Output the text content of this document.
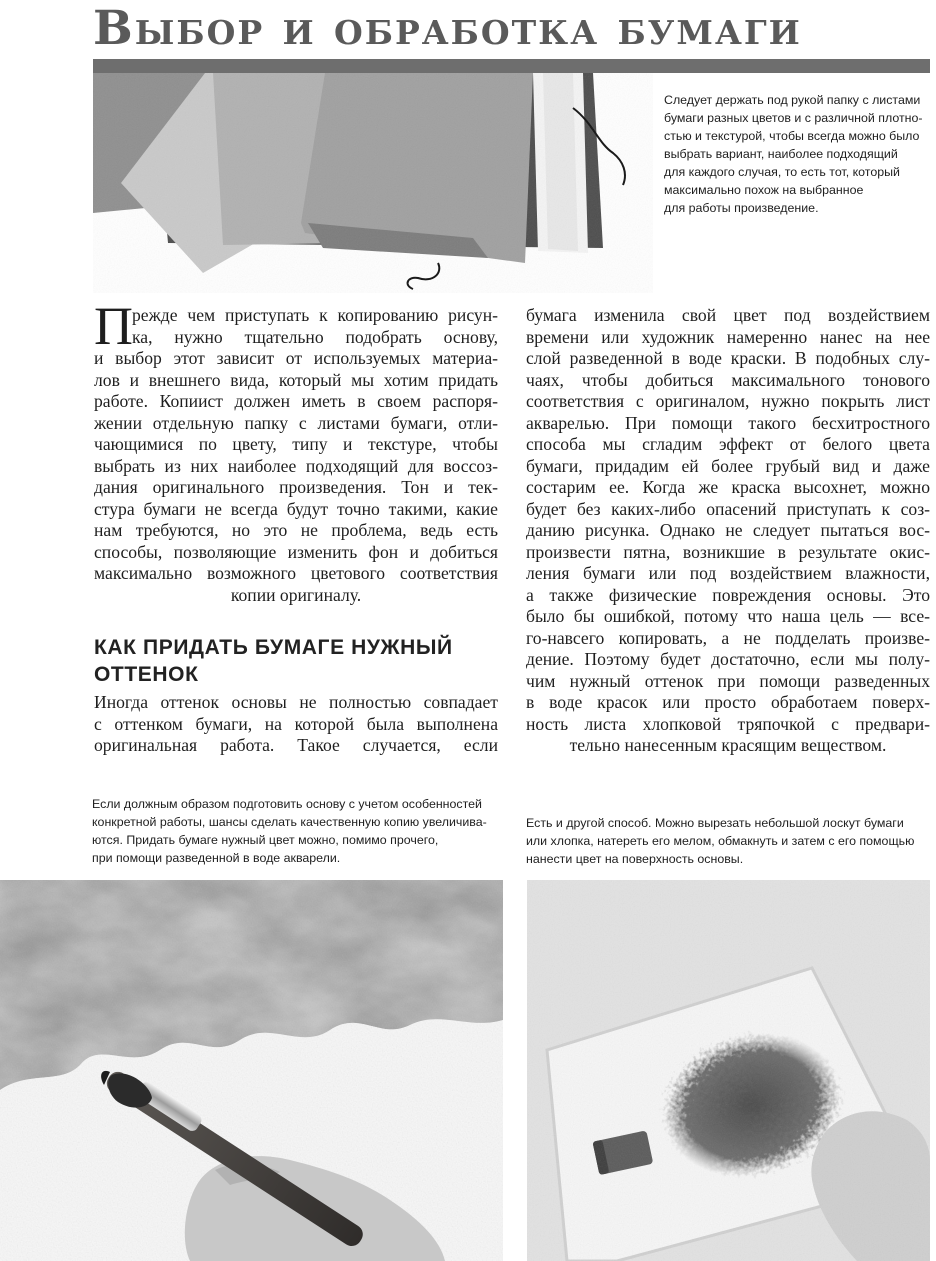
Выбор и обработка бумаги

Следует держать под рукой папку с листами
бумаги разных цветов и с различной плотно-
стью и текстурой, чтобы всегда можно было
выбрать вариант, наиболее подходящий
для каждого случая, то есть тот, который
максимально похож на выбранное
для работы произведение.

П режде чем приступать к копированию рисун-
ка, нужно тщательно подобрать основу,
и выбор этот зависит от используемых материа-
лов и внешнего вида, который мы хотим придать
работе. Копиист должен иметь в своем распоря-
жении отдельную папку с листами бумаги, отли-
чающимися по цвету, типу и текстуре, чтобы
выбрать из них наиболее подходящий для воссоз-
дания оригинального произведения. Тон и тек-
стура бумаги не всегда будут точно такими, какие
нам требуются, но это не проблема, ведь есть
способы, позволяющие изменить фон и добиться
максимально возможного цветового соответствия
копии оригиналу.
КАК ПРИДАТЬ БУМАГЕ НУЖНЫЙ
ОТТЕНОК
Иногда оттенок основы не полностью совпадает
с оттенком бумаги, на которой была выполнена
оригинальная работа. Такое случается, если
бумага изменила свой цвет под воздействием
времени или художник намеренно нанес на нее
слой разведенной в воде краски. В подобных слу-
чаях, чтобы добиться максимального тонового
соответствия с оригиналом, нужно покрыть лист
акварелью. При помощи такого бесхитростного
способа мы сгладим эффект от белого цвета
бумаги, придадим ей более грубый вид и даже
состарим ее. Когда же краска высохнет, можно
будет без каких-либо опасений приступать к соз-
данию рисунка. Однако не следует пытаться вос-
произвести пятна, возникшие в результате окис-
ления бумаги или под воздействием влажности,
а также физические повреждения основы. Это
было бы ошибкой, потому что наша цель — все-
го-навсего копировать, а не подделать произве-
дение. Поэтому будет достаточно, если мы полу-
чим нужный оттенок при помощи разведенных
в воде красок или просто обработаем поверх-
ность листа хлопковой тряпочкой с предвари-
тельно нанесенным красящим веществом.

Если должным образом подготовить основу с учетом особенностей
конкретной работы, шансы сделать качественную копию увеличива-
ются. Придать бумаге нужный цвет можно, помимо прочего,
при помощи разведенной в воде акварели.

Есть и другой способ. Можно вырезать небольшой лоскут бумаги
или хлопка, натереть его мелом, обмакнуть и затем с его помощью
нанести цвет на поверхность основы.
